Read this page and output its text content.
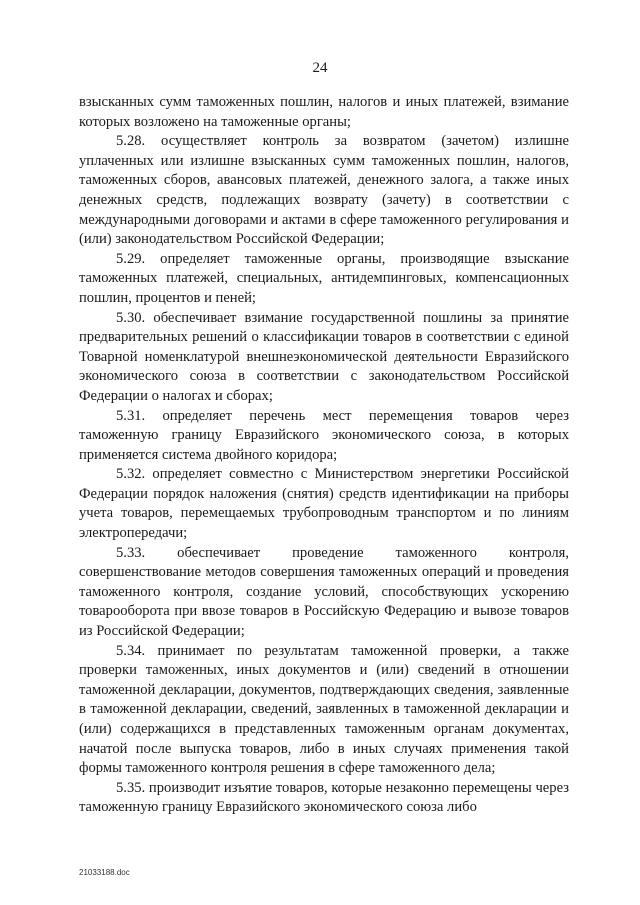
24

взысканных сумм таможенных пошлин, налогов и иных платежей, взимание которых возложено на таможенные органы;

5.28. осуществляет контроль за возвратом (зачетом) излишне уплаченных или излишне взысканных сумм таможенных пошлин, налогов, таможенных сборов, авансовых платежей, денежного залога, а также иных денежных средств, подлежащих возврату (зачету) в соответствии с международными договорами и актами в сфере таможенного регулирования и (или) законодательством Российской Федерации;

5.29. определяет таможенные органы, производящие взыскание таможенных платежей, специальных, антидемпинговых, компенсационных пошлин, процентов и пеней;

5.30. обеспечивает взимание государственной пошлины за принятие предварительных решений о классификации товаров в соответствии с единой Товарной номенклатурой внешнеэкономической деятельности Евразийского экономического союза в соответствии с законодательством Российской Федерации о налогах и сборах;

5.31. определяет перечень мест перемещения товаров через таможенную границу Евразийского экономического союза, в которых применяется система двойного коридора;

5.32. определяет совместно с Министерством энергетики Российской Федерации порядок наложения (снятия) средств идентификации на приборы учета товаров, перемещаемых трубопроводным транспортом и по линиям электропередачи;

5.33. обеспечивает проведение таможенного контроля, совершенствование методов совершения таможенных операций и проведения таможенного контроля, создание условий, способствующих ускорению товарооборота при ввозе товаров в Российскую Федерацию и вывозе товаров из Российской Федерации;

5.34. принимает по результатам таможенной проверки, а также проверки таможенных, иных документов и (или) сведений в отношении таможенной декларации, документов, подтверждающих сведения, заявленные в таможенной декларации, сведений, заявленных в таможенной декларации и (или) содержащихся в представленных таможенным органам документах, начатой после выпуска товаров, либо в иных случаях применения такой формы таможенного контроля решения в сфере таможенного дела;

5.35. производит изъятие товаров, которые незаконно перемещены через таможенную границу Евразийского экономического союза либо

21033188.doc
